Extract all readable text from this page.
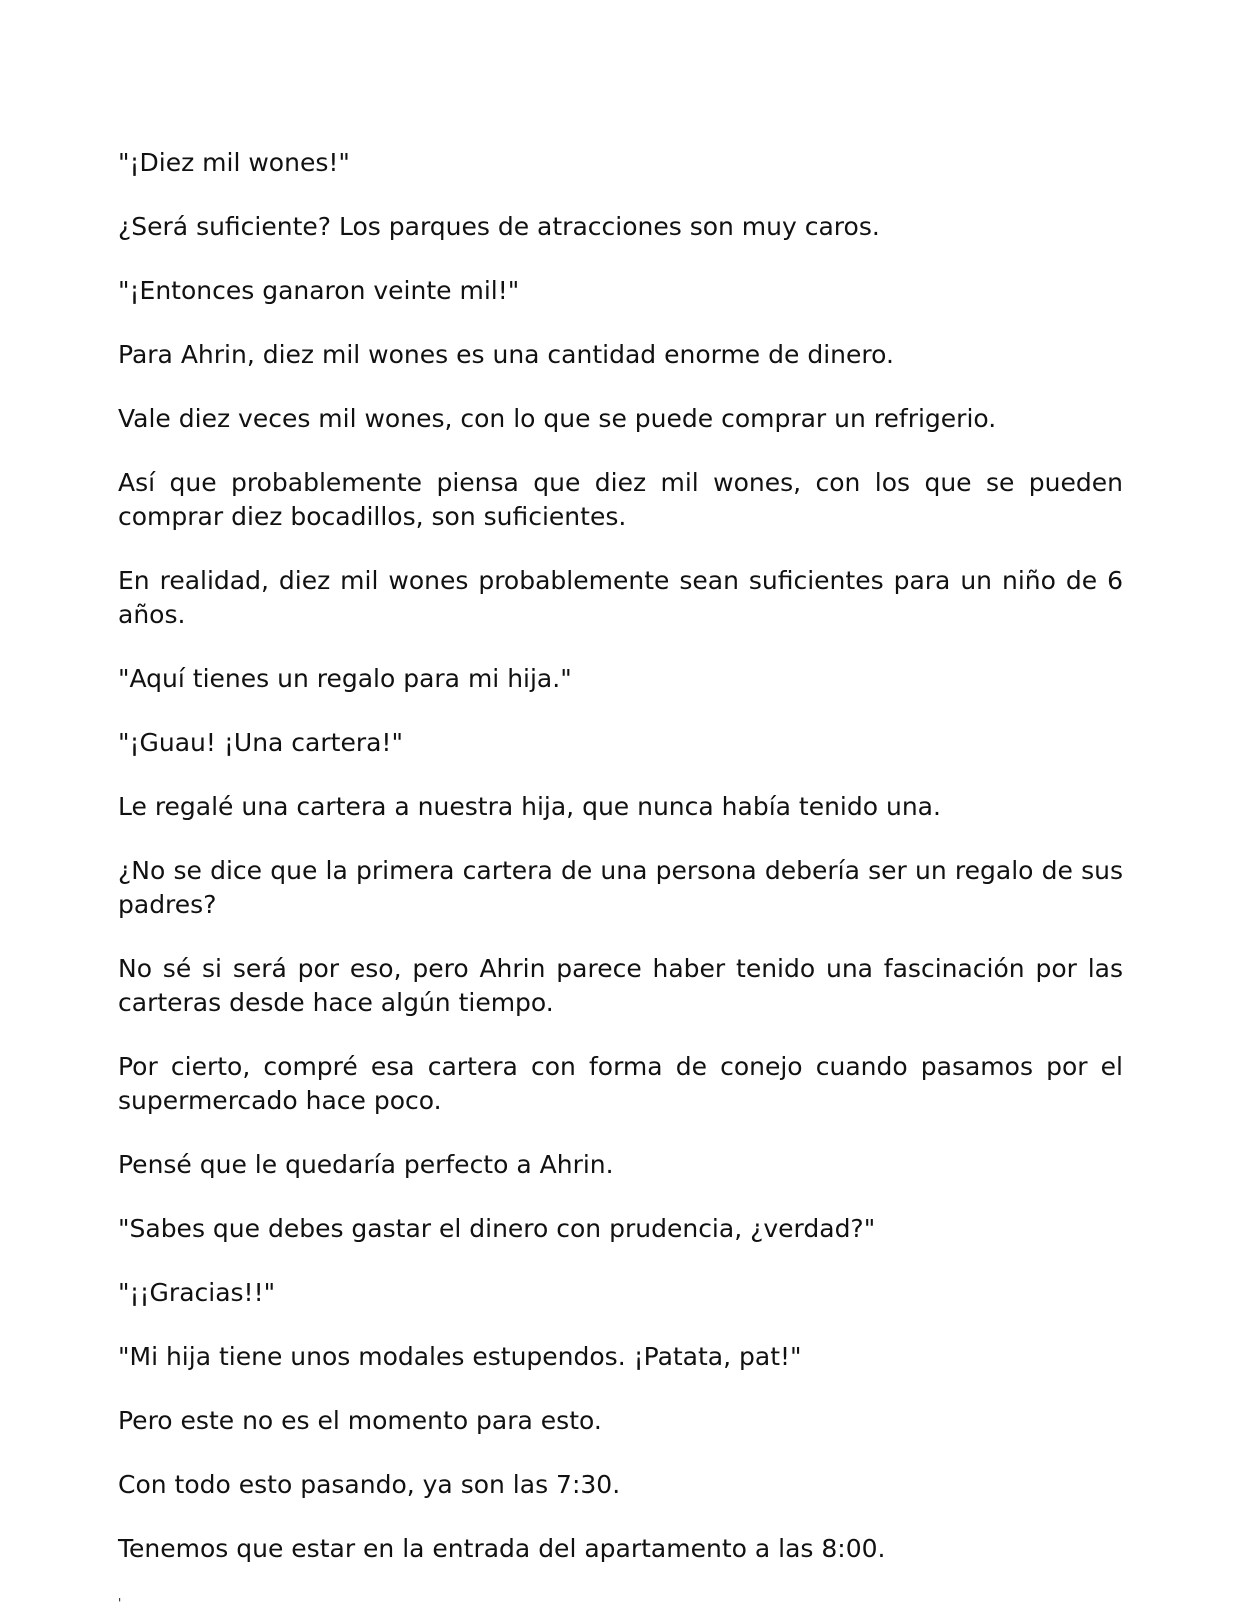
"¡Diez mil wones!"

¿Será suficiente? Los parques de atracciones son muy caros.

"¡Entonces ganaron veinte mil!"

Para Ahrin, diez mil wones es una cantidad enorme de dinero.

Vale diez veces mil wones, con lo que se puede comprar un refrigerio.

Así que probablemente piensa que diez mil wones, con los que se pueden comprar diez bocadillos, son suficientes.

En realidad, diez mil wones probablemente sean suficientes para un niño de 6 años.

"Aquí tienes un regalo para mi hija."

"¡Guau! ¡Una cartera!"

Le regalé una cartera a nuestra hija, que nunca había tenido una.

¿No se dice que la primera cartera de una persona debería ser un regalo de sus padres?

No sé si será por eso, pero Ahrin parece haber tenido una fascinación por las carteras desde hace algún tiempo.

Por cierto, compré esa cartera con forma de conejo cuando pasamos por el supermercado hace poco.

Pensé que le quedaría perfecto a Ahrin.

"Sabes que debes gastar el dinero con prudencia, ¿verdad?"

"¡¡Gracias!!"

"Mi hija tiene unos modales estupendos. ¡Patata, pat!"

Pero este no es el momento para esto.

Con todo esto pasando, ya son las 7:30.

Tenemos que estar en la entrada del apartamento a las 8:00.

'
